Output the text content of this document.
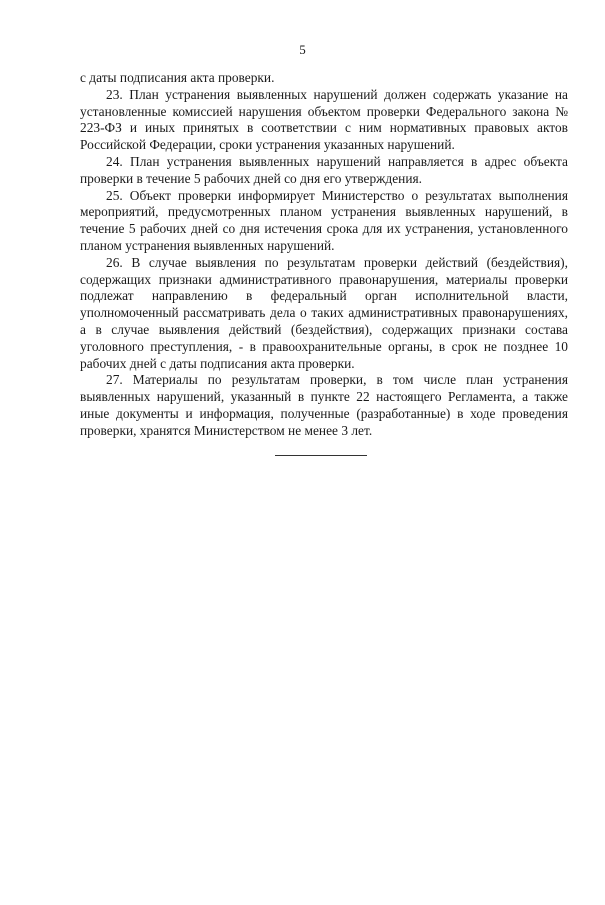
5

с даты подписания акта проверки.

23. План устранения выявленных нарушений должен содержать указание на установленные комиссией нарушения объектом проверки Федерального закона № 223-ФЗ и иных принятых в соответствии с ним нормативных правовых актов Российской Федерации, сроки устранения указанных нарушений.

24. План устранения выявленных нарушений направляется в адрес объекта проверки в течение 5 рабочих дней со дня его утверждения.

25. Объект проверки информирует Министерство о результатах выполнения мероприятий, предусмотренных планом устранения выявленных нарушений, в течение 5 рабочих дней со дня истечения срока для их устранения, установленного планом устранения выявленных нарушений.

26. В случае выявления по результатам проверки действий (бездействия), содержащих признаки административного правонарушения, материалы проверки подлежат направлению в федеральный орган исполнительной власти, уполномоченный рассматривать дела о таких административных правонарушениях, а в случае выявления действий (бездействия), содержащих признаки состава уголовного преступления, - в правоохранительные органы, в срок не позднее 10 рабочих дней с даты подписания акта проверки.

27. Материалы по результатам проверки, в том числе план устранения выявленных нарушений, указанный в пункте 22 настоящего Регламента, а также иные документы и информация, полученные (разработанные) в ходе проведения проверки, хранятся Министерством не менее 3 лет.
